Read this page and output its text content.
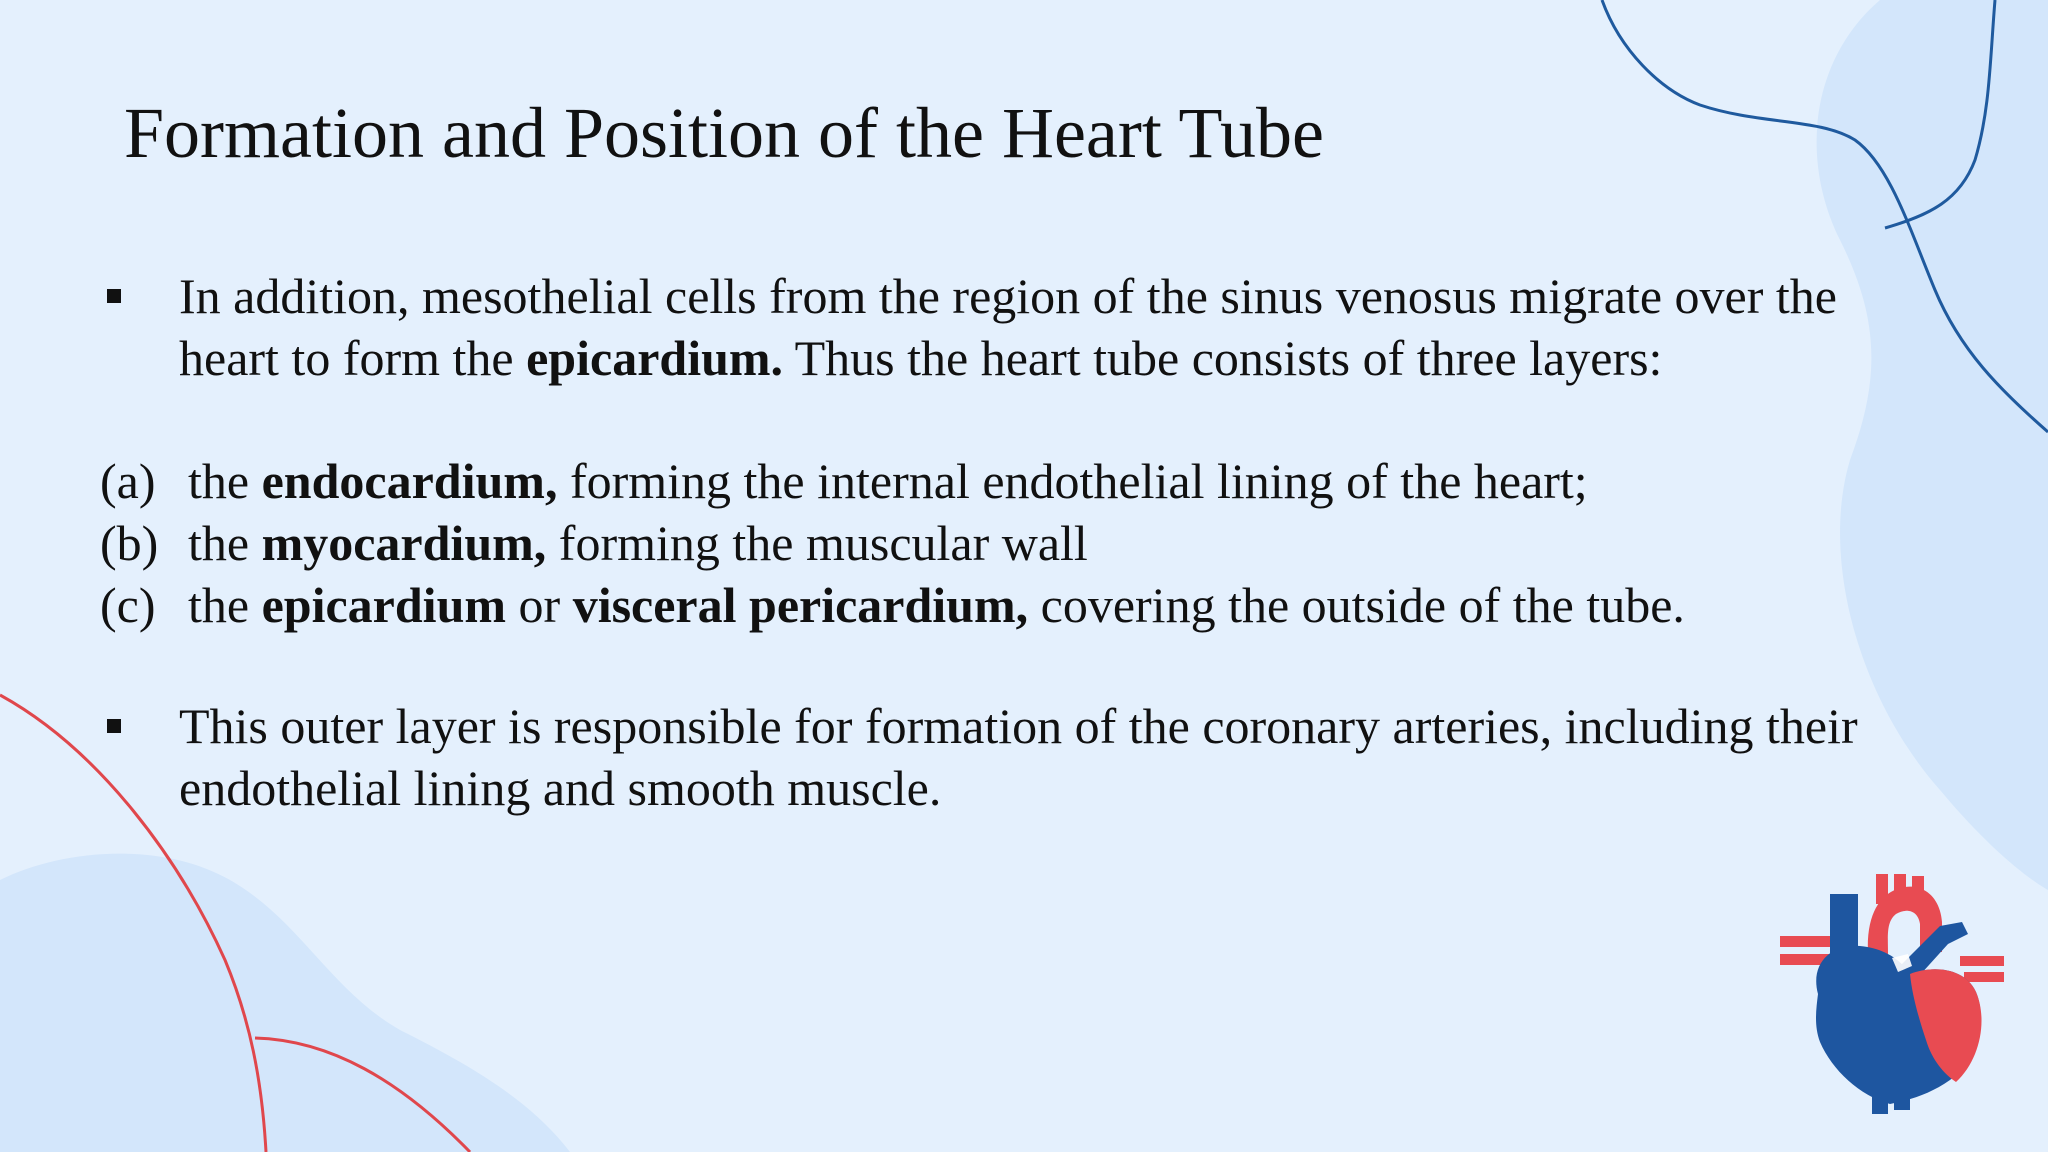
Formation and Position of the Heart Tube
In addition, mesothelial cells from the region of the sinus venosus migrate over the
heart to form the epicardium. Thus the heart tube consists of three layers:
(a) the endocardium, forming the internal endothelial lining of the heart;
(b) the myocardium, forming the muscular wall
(c) the epicardium or visceral pericardium, covering the outside of the tube.
This outer layer is responsible for formation of the coronary arteries, including their
endothelial lining and smooth muscle.
